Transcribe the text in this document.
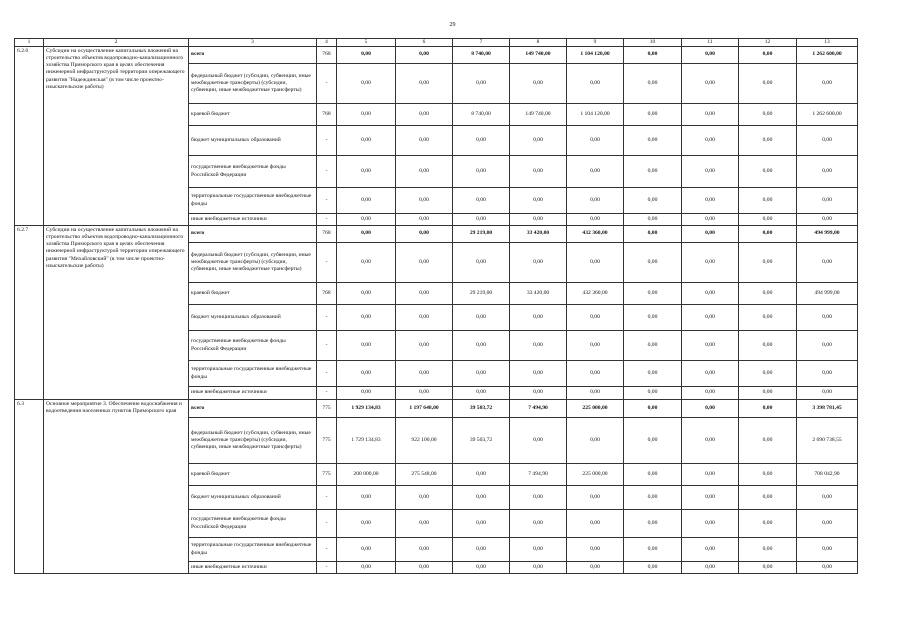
29
1	2	3	4	5	6	7	8	9	10	11	12	13
6.2.6	Субсидии на осуществление капитальных вложений на строительство объектов водопроводно-канализационного хозяйства Приморского края в целях обеспечения инженерной инфраструктурой территории опережающего развития "Надеждинская" (в том числе проектно-изыскательские работы)	всего	768	0,00	0,00	8 740,00	149 740,00	1 104 120,00	0,00	0,00	0,00	1 262 600,00
		федеральный бюджет (субсидии, субвенции, иные межбюджетные трансферты) (субсидии, субвенции, иные межбюджетные трансферты)	-	0,00	0,00	0,00	0,00	0,00	0,00	0,00	0,00	0,00
		краевой бюджет	768	0,00	0,00	8 740,00	149 740,00	1 104 120,00	0,00	0,00	0,00	1 262 600,00
		бюджет муниципальных образований	-	0,00	0,00	0,00	0,00	0,00	0,00	0,00	0,00	0,00
		государственные внебюджетные фонды Российской Федерации	-	0,00	0,00	0,00	0,00	0,00	0,00	0,00	0,00	0,00
		территориальные государственные внебюджетные фонды	-	0,00	0,00	0,00	0,00	0,00	0,00	0,00	0,00	0,00
		иные внебюджетные источники	-	0,00	0,00	0,00	0,00	0,00	0,00	0,00	0,00	0,00
6.2.7	Субсидии на осуществление капитальных вложений на строительство объектов водопроводно-канализационного хозяйства Приморского края в целях обеспечения инженерной инфраструктурой территории опережающего развития "Михайловский" (в том числе проектно-изыскательские работы)	всего	768	0,00	0,00	29 219,00	33 420,00	432 360,00	0,00	0,00	0,00	494 999,00
		федеральный бюджет (субсидии, субвенции, иные межбюджетные трансферты) (субсидии, субвенции, иные межбюджетные трансферты)	-	0,00	0,00	0,00	0,00	0,00	0,00	0,00	0,00	0,00
		краевой бюджет	768	0,00	0,00	29 219,00	33 420,00	432 360,00	0,00	0,00	0,00	494 999,00
		бюджет муниципальных образований	-	0,00	0,00	0,00	0,00	0,00	0,00	0,00	0,00	0,00
		государственные внебюджетные фонды Российской Федерации	-	0,00	0,00	0,00	0,00	0,00	0,00	0,00	0,00	0,00
		территориальные государственные внебюджетные фонды	-	0,00	0,00	0,00	0,00	0,00	0,00	0,00	0,00	0,00
		иные внебюджетные источники	-	0,00	0,00	0,00	0,00	0,00	0,00	0,00	0,00	0,00
6.3	Основное мероприятие 3. Обеспечение водоснабжения и водоотведения населенных пунктов Приморского края	всего	775	1 929 134,83	1 197 648,00	39 503,72	7 494,90	225 000,00	0,00	0,00	0,00	3 398 781,45
		федеральный бюджет (субсидии, субвенции, иные межбюджетные трансферты) (субсидии, субвенции, иные межбюджетные трансферты)	775	1 729 134,83	922 100,00	39 503,72	0,00	0,00	0,00	0,00	0,00	2 690 738,55
		краевой бюджет	775	200 000,00	275 548,00	0,00	7 494,90	225 000,00	0,00	0,00	0,00	708 042,90
		бюджет муниципальных образований	-	0,00	0,00	0,00	0,00	0,00	0,00	0,00	0,00	0,00
		государственные внебюджетные фонды Российской Федерации	-	0,00	0,00	0,00	0,00	0,00	0,00	0,00	0,00	0,00
		территориальные государственные внебюджетные фонды	-	0,00	0,00	0,00	0,00	0,00	0,00	0,00	0,00	0,00
		иные внебюджетные источники	-	0,00	0,00	0,00	0,00	0,00	0,00	0,00	0,00	0,00
